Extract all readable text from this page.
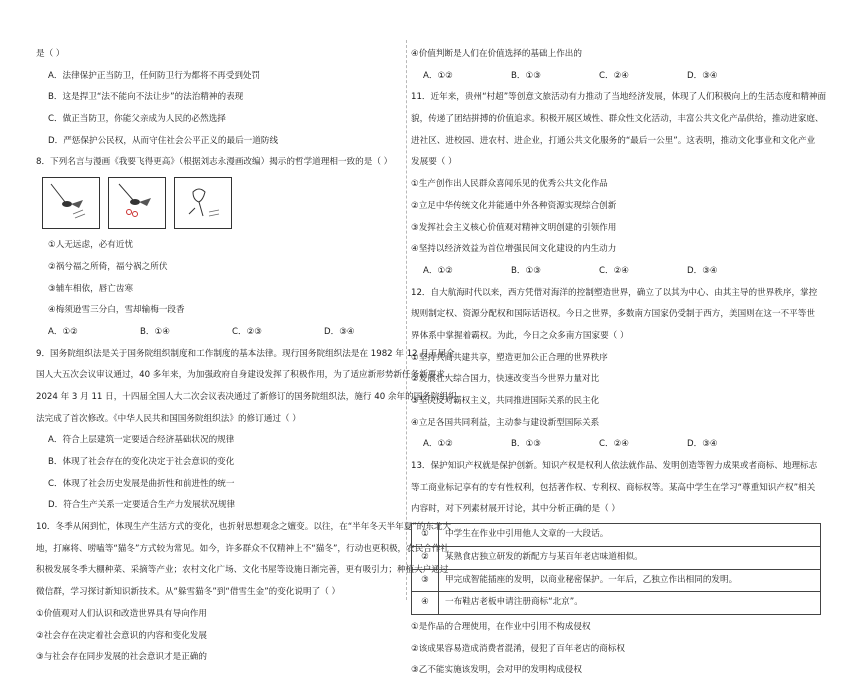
是（ ）
A．法律保护正当防卫，任何防卫行为都将不再受到处罚
B．这是捍卫“法不能向不法让步”的法治精神的表现
C．做正当防卫，你能父亲成为人民的必然选择
D．严惩保护公民权，从而守住社会公平正义的最后一道防线
8．下列名言与漫画《我要飞得更高》（根据刘志永漫画改编）揭示的哲学道理相一致的是（ ）
①人无远虑，必有近忧
②祸兮福之所倚，福兮祸之所伏
③辅车相依，唇亡齿寒
④梅须逊雪三分白，雪却输梅一段香
A．①②	B．①④	C．②③	D．③④
9．国务院组织法是关于国务院组织制度和工作制度的基本法律。现行国务院组织法是在 1982 年 12 月五届全
国人大五次会议审议通过，40 多年来，为加强政府自身建设发挥了积极作用，为了适应新形势新任务新要求，
2024 年 3 月 11 日，十四届全国人大二次会议表决通过了新修订的国务院组织法，施行 40 余年的国务院组织
法完成了首次修改。《中华人民共和国国务院组织法》的修订通过（ ）
A．符合上层建筑一定要适合经济基础状况的规律
B．体现了社会存在的变化决定于社会意识的变化
C．体现了社会历史发展是曲折性和前进性的统一
D．符合生产关系一定要适合生产力发展状况规律
10．冬季从闲到忙，体现生产生活方式的变化，也折射思想观念之嬗变。以往，在“半年冬天半年夏”的东北大
地，打麻将、唠嗑等“猫冬”方式较为常见。如今，许多群众不仅精神上不“猫冬”，行动也更积极，农民合作社
积极发展冬季大棚种菜、采摘等产业；农村文化广场、文化书屋等设施日渐完善，更有吸引力；种植大户通过
微信群，学习探讨新知识新技术。从“躲雪猫冬”到“借雪生金”的变化说明了（ ）
①价值观对人们认识和改造世界具有导向作用
②社会存在决定着社会意识的内容和变化发展
③与社会存在同步发展的社会意识才是正确的
④价值判断是人们在价值选择的基础上作出的
A．①②	B．①③	C．②④	D．③④
11．近年来，贵州“村超”等创意文旅活动有力推动了当地经济发展，体现了人们积极向上的生活态度和精神面
貌，传递了团结拼搏的价值追求。积极开展区域性、群众性文化活动，丰富公共文化产品供给，推动进家庭、
进社区、进校园、进农村、进企业，打通公共文化服务的“最后一公里”。这表明，推动文化事业和文化产业
发展要（ ）
①生产创作出人民群众喜闻乐见的优秀公共文化作品
②立足中华传统文化并能通中外各种资源实现综合创新
③发挥社会主义核心价值观对精神文明创建的引领作用
④坚持以经济效益为首位增强民间文化建设的内生动力
A．①②	B．①③	C．②④	D．③④
12．自大航海时代以来，西方凭借对海洋的控制塑造世界，确立了以其为中心、由其主导的世界秩序，掌控
规则制定权、资源分配权和国际话语权。今日之世界，多数南方国家仍受制于西方，美国则在这一不平等世
界体系中掌握着霸权。为此，今日之众多南方国家要（ ）
①坚持共商共建共享，塑造更加公正合理的世界秩序
②发展壮大综合国力，快速改变当今世界力量对比
③坚决反对霸权主义，共同推进国际关系的民主化
④立足各国共同利益，主动参与建设新型国际关系
A．①②	B．①③	C．②④	D．③④
13．保护知识产权就是保护创新。知识产权是权利人依法就作品、发明创造等智力成果或者商标、地理标志
等工商业标记享有的专有性权利，包括著作权、专利权、商标权等。某高中学生在学习“尊重知识产权”相关
内容时，对下列素材展开讨论，其中分析正确的是（ ）
①	中学生在作业中引用他人文章的一大段话。
②	某熟食店独立研发的新配方与某百年老店味道相似。
③	甲完成智能插座的发明，以商业秘密保护。一年后，乙独立作出相同的发明。
④	一布鞋店老板申请注册商标“北京”。
①是作品的合理使用，在作业中引用不构成侵权
②该成果容易造成消费者混淆，侵犯了百年老店的商标权
③乙不能实施该发明，会对甲的发明构成侵权
